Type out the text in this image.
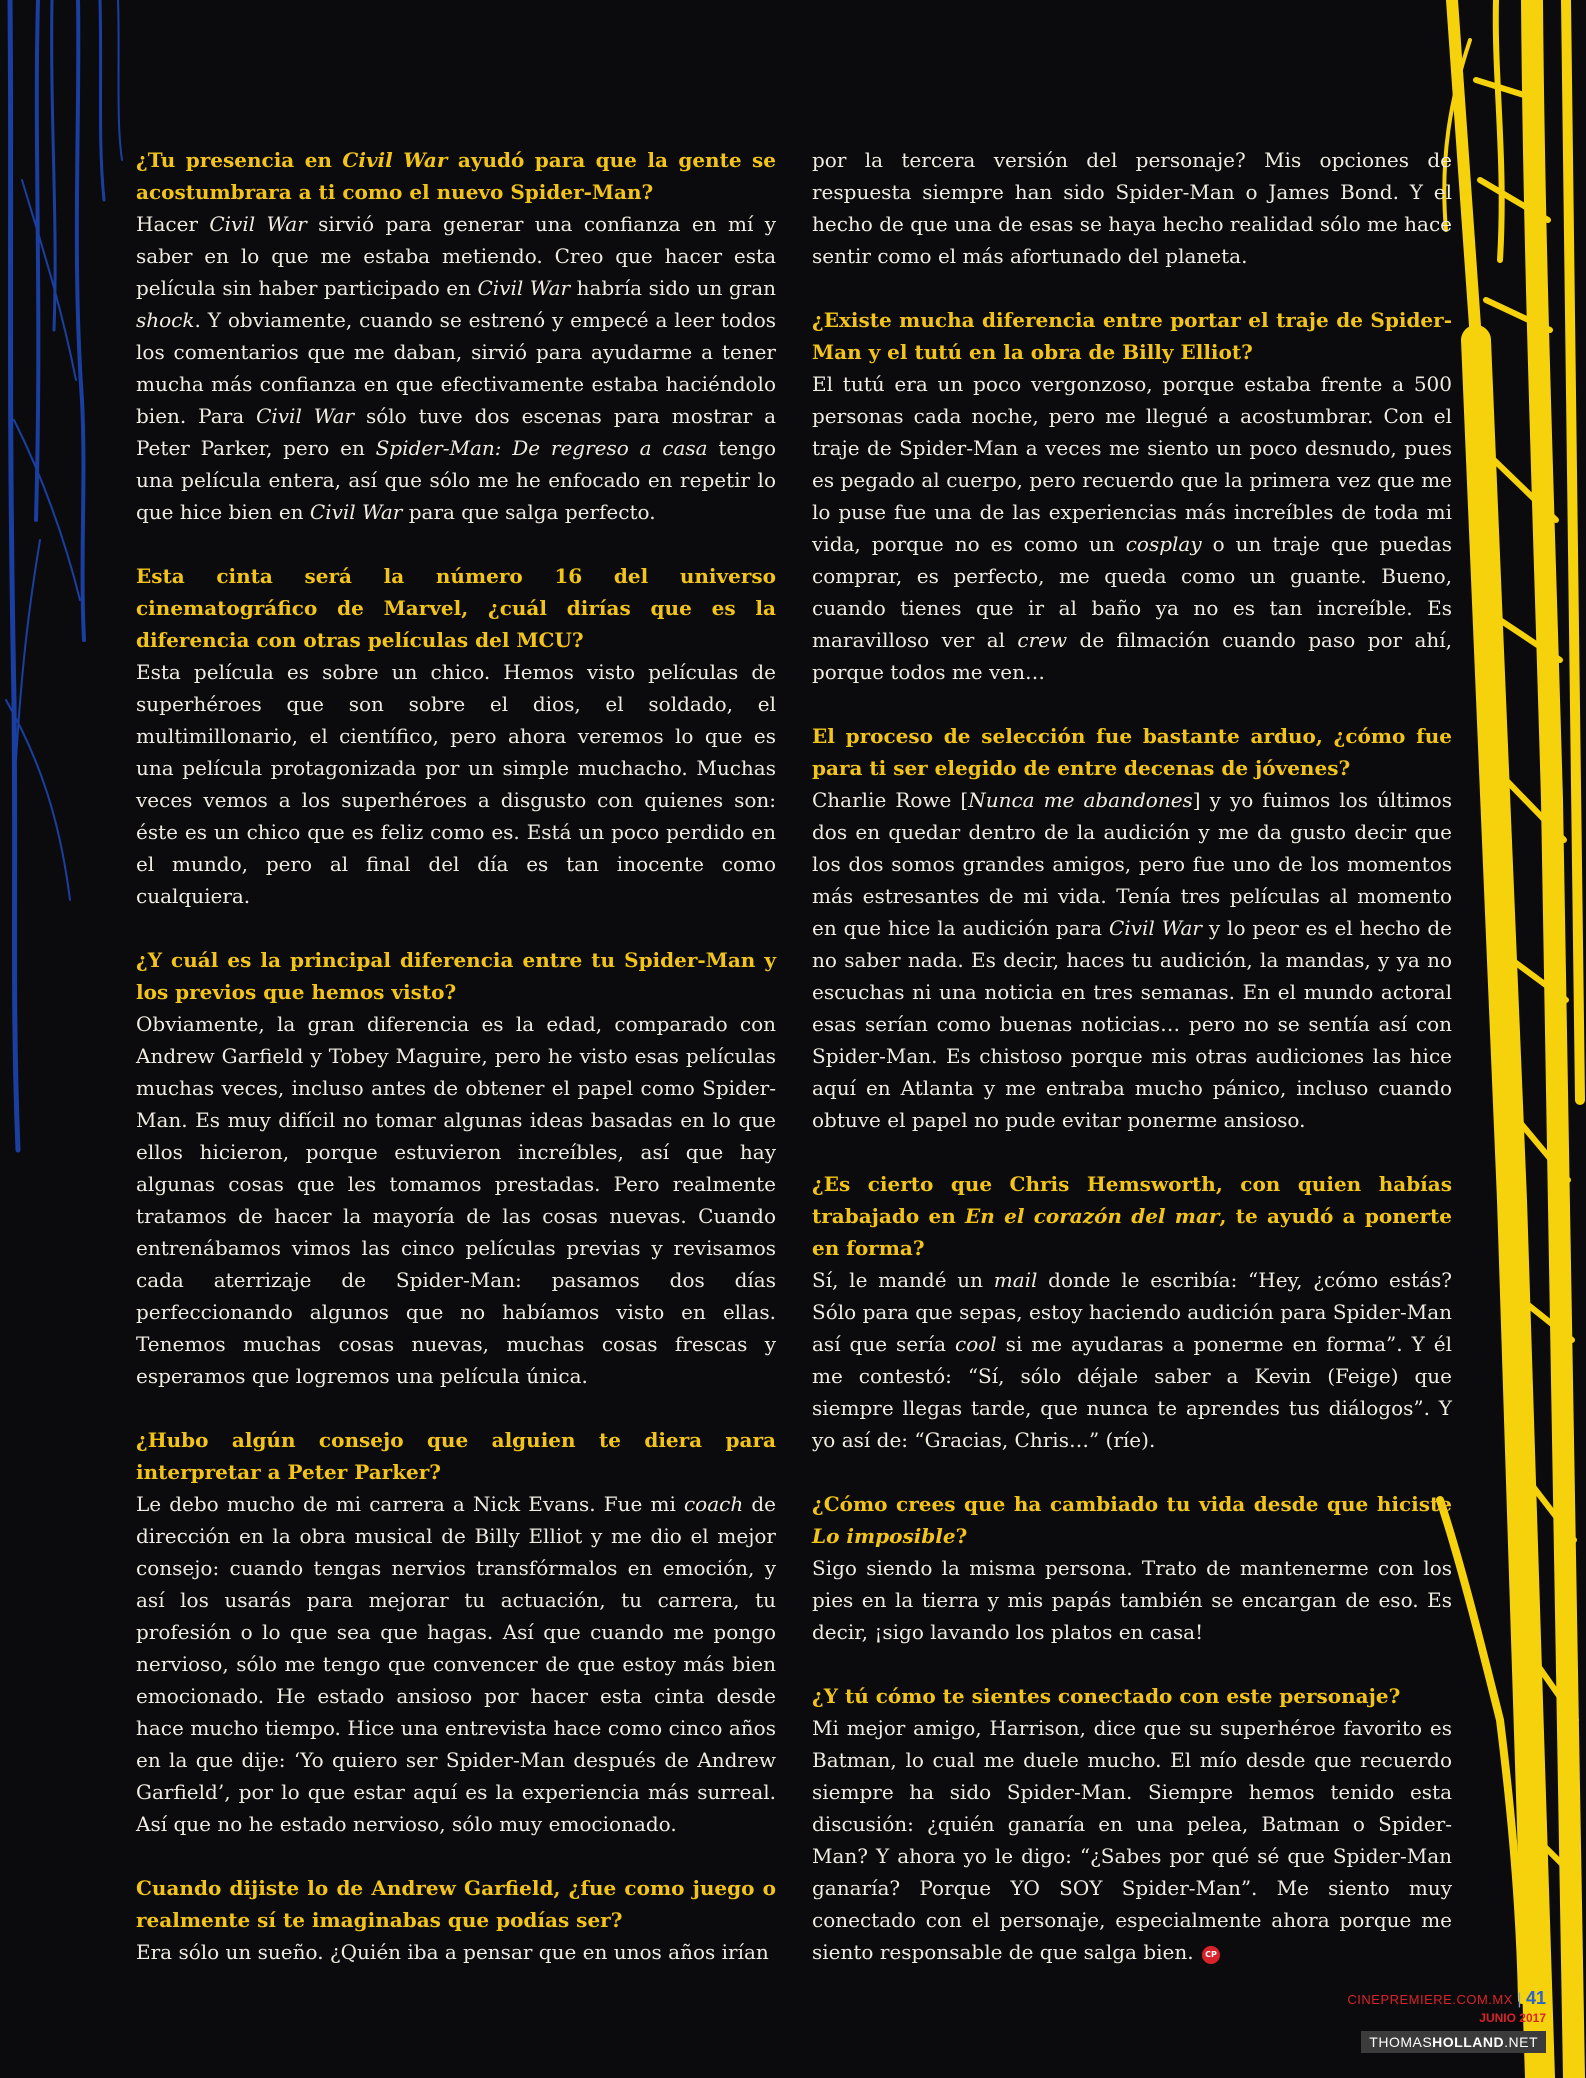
¿Tu presencia en Civil War ayudó para que la gente se acostumbrara a ti como el nuevo Spider-Man?

Hacer Civil War sirvió para generar una confianza en mí y saber en lo que me estaba metiendo. Creo que hacer esta película sin haber participado en Civil War habría sido un gran shock. Y obviamente, cuando se estrenó y empecé a leer todos los comentarios que me daban, sirvió para ayudarme a tener mucha más confianza en que efectivamente estaba haciéndolo bien. Para Civil War sólo tuve dos escenas para mostrar a Peter Parker, pero en Spider-Man: De regreso a casa tengo una película entera, así que sólo me he enfocado en repetir lo que hice bien en Civil War para que salga perfecto.

Esta cinta será la número 16 del universo cinematográfico de Marvel, ¿cuál dirías que es la diferencia con otras películas del MCU?

Esta película es sobre un chico. Hemos visto películas de superhéroes que son sobre el dios, el soldado, el multimillonario, el científico, pero ahora veremos lo que es una película protagonizada por un simple muchacho. Muchas veces vemos a los superhéroes a disgusto con quienes son: éste es un chico que es feliz como es. Está un poco perdido en el mundo, pero al final del día es tan inocente como cualquiera.

¿Y cuál es la principal diferencia entre tu Spider-Man y los previos que hemos visto?

Obviamente, la gran diferencia es la edad, comparado con Andrew Garfield y Tobey Maguire, pero he visto esas películas muchas veces, incluso antes de obtener el papel como Spider-Man. Es muy difícil no tomar algunas ideas basadas en lo que ellos hicieron, porque estuvieron increíbles, así que hay algunas cosas que les tomamos prestadas. Pero realmente tratamos de hacer la mayoría de las cosas nuevas. Cuando entrenábamos vimos las cinco películas previas y revisamos cada aterrizaje de Spider-Man: pasamos dos días perfeccionando algunos que no habíamos visto en ellas. Tenemos muchas cosas nuevas, muchas cosas frescas y esperamos que logremos una película única.

¿Hubo algún consejo que alguien te diera para interpretar a Peter Parker?

Le debo mucho de mi carrera a Nick Evans. Fue mi coach de dirección en la obra musical de Billy Elliot y me dio el mejor consejo: cuando tengas nervios transfórmalos en emoción, y así los usarás para mejorar tu actuación, tu carrera, tu profesión o lo que sea que hagas. Así que cuando me pongo nervioso, sólo me tengo que convencer de que estoy más bien emocionado. He estado ansioso por hacer esta cinta desde hace mucho tiempo. Hice una entrevista hace como cinco años en la que dije: ‘Yo quiero ser Spider-Man después de Andrew Garfield’, por lo que estar aquí es la experiencia más surreal. Así que no he estado nervioso, sólo muy emocionado.

Cuando dijiste lo de Andrew Garfield, ¿fue como juego o realmente sí te imaginabas que podías ser?

Era sólo un sueño. ¿Quién iba a pensar que en unos años irían

por la tercera versión del personaje? Mis opciones de respuesta siempre han sido Spider-Man o James Bond. Y el hecho de que una de esas se haya hecho realidad sólo me hace sentir como el más afortunado del planeta.

¿Existe mucha diferencia entre portar el traje de Spider-Man y el tutú en la obra de Billy Elliot?

El tutú era un poco vergonzoso, porque estaba frente a 500 personas cada noche, pero me llegué a acostumbrar. Con el traje de Spider-Man a veces me siento un poco desnudo, pues es pegado al cuerpo, pero recuerdo que la primera vez que me lo puse fue una de las experiencias más increíbles de toda mi vida, porque no es como un cosplay o un traje que puedas comprar, es perfecto, me queda como un guante. Bueno, cuando tienes que ir al baño ya no es tan increíble. Es maravilloso ver al crew de filmación cuando paso por ahí, porque todos me ven…

El proceso de selección fue bastante arduo, ¿cómo fue para ti ser elegido de entre decenas de jóvenes?

Charlie Rowe [Nunca me abandones] y yo fuimos los últimos dos en quedar dentro de la audición y me da gusto decir que los dos somos grandes amigos, pero fue uno de los momentos más estresantes de mi vida. Tenía tres películas al momento en que hice la audición para Civil War y lo peor es el hecho de no saber nada. Es decir, haces tu audición, la mandas, y ya no escuchas ni una noticia en tres semanas. En el mundo actoral esas serían como buenas noticias… pero no se sentía así con Spider-Man. Es chistoso porque mis otras audiciones las hice aquí en Atlanta y me entraba mucho pánico, incluso cuando obtuve el papel no pude evitar ponerme ansioso.

¿Es cierto que Chris Hemsworth, con quien habías trabajado en En el corazón del mar, te ayudó a ponerte en forma?

Sí, le mandé un mail donde le escribía: “Hey, ¿cómo estás? Sólo para que sepas, estoy haciendo audición para Spider-Man así que sería cool si me ayudaras a ponerme en forma”. Y él me contestó: “Sí, sólo déjale saber a Kevin (Feige) que siempre llegas tarde, que nunca te aprendes tus diálogos”. Y yo así de: “Gracias, Chris…” (ríe).

¿Cómo crees que ha cambiado tu vida desde que hiciste Lo imposible?

Sigo siendo la misma persona. Trato de mantenerme con los pies en la tierra y mis papás también se encargan de eso. Es decir, ¡sigo lavando los platos en casa!

¿Y tú cómo te sientes conectado con este personaje?

Mi mejor amigo, Harrison, dice que su superhéroe favorito es Batman, lo cual me duele mucho. El mío desde que recuerdo siempre ha sido Spider-Man. Siempre hemos tenido esta discusión: ¿quién ganaría en una pelea, Batman o Spider-Man? Y ahora yo le digo: “¿Sabes por qué sé que Spider-Man ganaría? Porque YO SOY Spider-Man”. Me siento muy conectado con el personaje, especialmente ahora porque me siento responsable de que salga bien. CP

CINEPREMIERE.COM.MX | 41
JUNIO 2017
THOMASHOLLAND.NET
